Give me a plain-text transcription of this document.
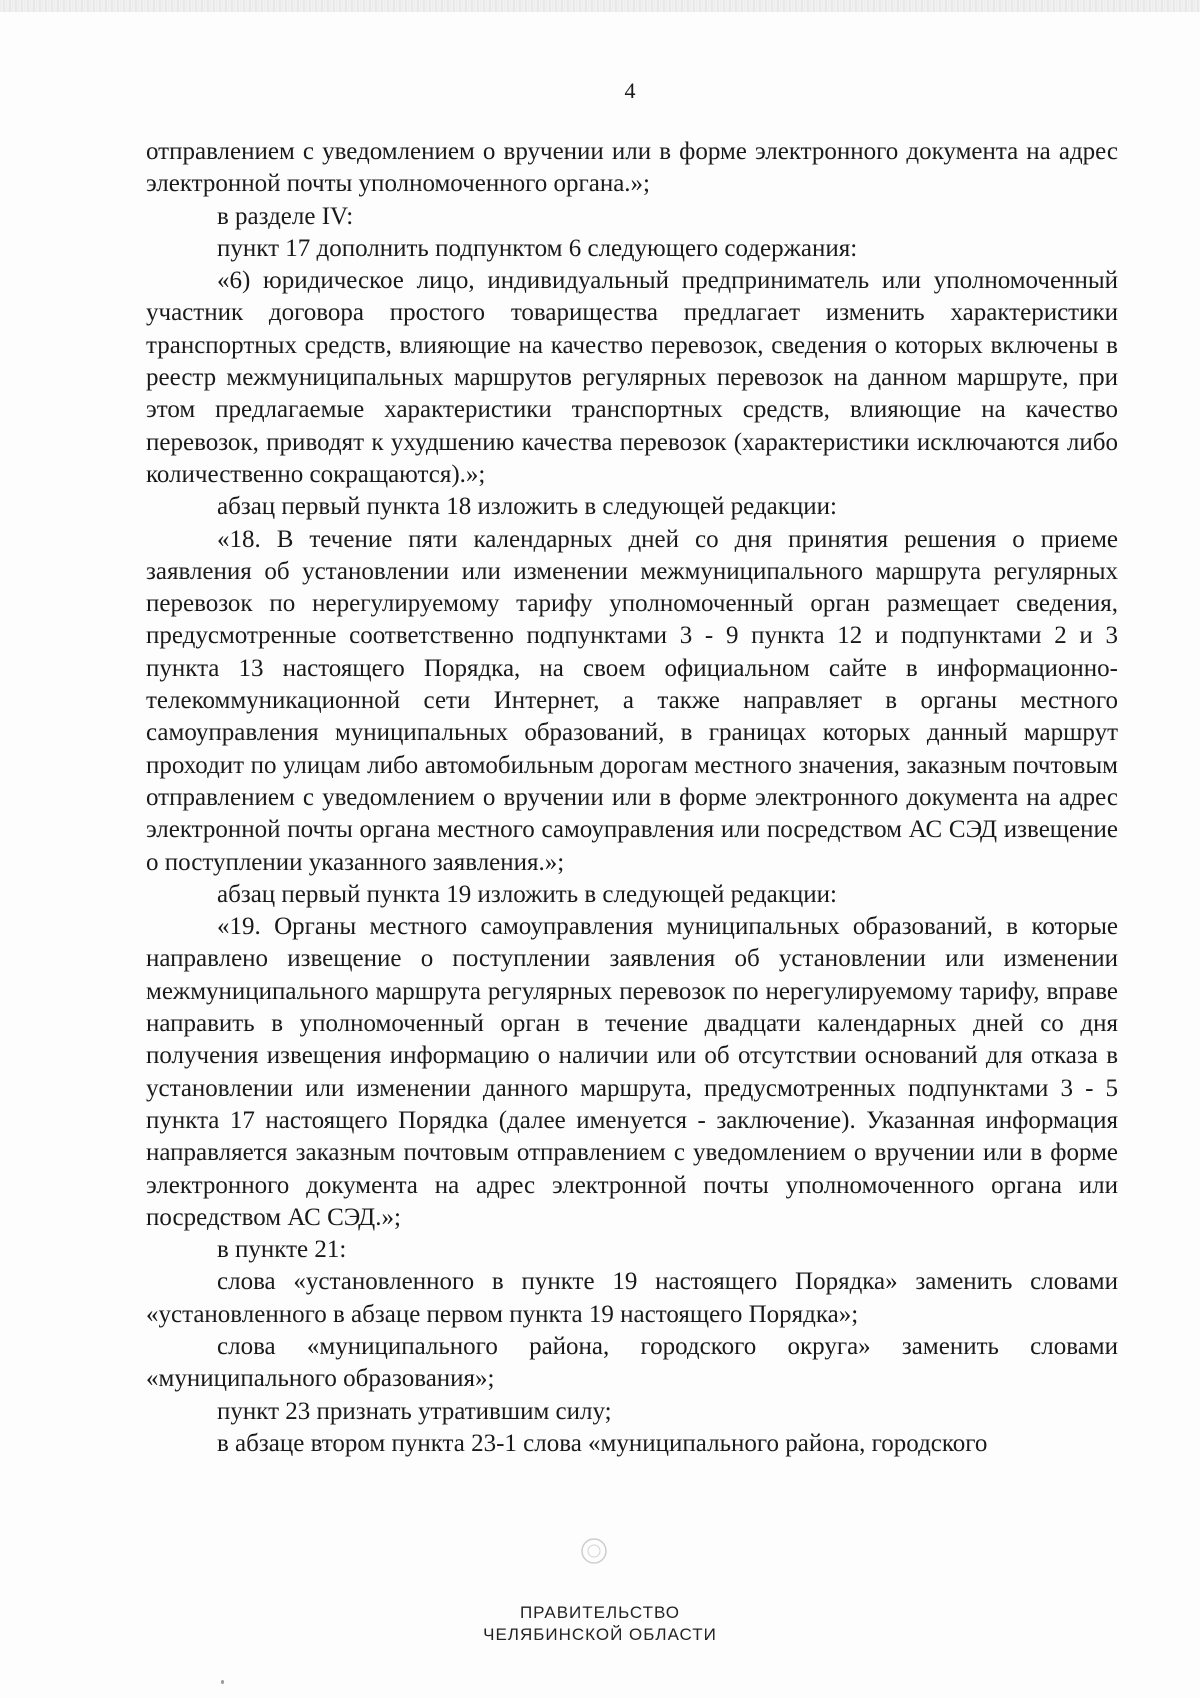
4

отправлением с уведомлением о вручении или в форме электронного документа на адрес электронной почты уполномоченного органа.»;

в разделе IV:

пункт 17 дополнить подпунктом 6 следующего содержания:

«6) юридическое лицо, индивидуальный предприниматель или уполномоченный участник договора простого товарищества предлагает изменить характеристики транспортных средств, влияющие на качество перевозок, сведения о которых включены в реестр межмуниципальных маршрутов регулярных перевозок на данном маршруте, при этом предлагаемые характеристики транспортных средств, влияющие на качество перевозок, приводят к ухудшению качества перевозок (характеристики исключаются либо количественно сокращаются).»;

абзац первый пункта 18 изложить в следующей редакции:

«18. В течение пяти календарных дней со дня принятия решения о приеме заявления об установлении или изменении межмуниципального маршрута регулярных перевозок по нерегулируемому тарифу уполномоченный орган размещает сведения, предусмотренные соответственно подпунктами 3 - 9 пункта 12 и подпунктами 2 и 3 пункта 13 настоящего Порядка, на своем официальном сайте в информационно-телекоммуникационной сети Интернет, а также направляет в органы местного самоуправления муниципальных образований, в границах которых данный маршрут проходит по улицам либо автомобильным дорогам местного значения, заказным почтовым отправлением с уведомлением о вручении или в форме электронного документа на адрес электронной почты органа местного самоуправления или посредством АС СЭД извещение о поступлении указанного заявления.»;

абзац первый пункта 19 изложить в следующей редакции:

«19. Органы местного самоуправления муниципальных образований, в которые направлено извещение о поступлении заявления об установлении или изменении межмуниципального маршрута регулярных перевозок по нерегулируемому тарифу, вправе направить в уполномоченный орган в течение двадцати календарных дней со дня получения извещения информацию о наличии или об отсутствии оснований для отказа в установлении или изменении данного маршрута, предусмотренных подпунктами 3 - 5 пункта 17 настоящего Порядка (далее именуется - заключение). Указанная информация направляется заказным почтовым отправлением с уведомлением о вручении или в форме электронного документа на адрес электронной почты уполномоченного органа или посредством АС СЭД.»;

в пункте 21:

слова «установленного в пункте 19 настоящего Порядка» заменить словами «установленного в абзаце первом пункта 19 настоящего Порядка»;

слова «муниципального района, городского округа» заменить словами «муниципального образования»;

пункт 23 признать утратившим силу;

в абзаце втором пункта 23-1 слова «муниципального района, городского

ПРАВИТЕЛЬСТВО
ЧЕЛЯБИНСКОЙ ОБЛАСТИ
